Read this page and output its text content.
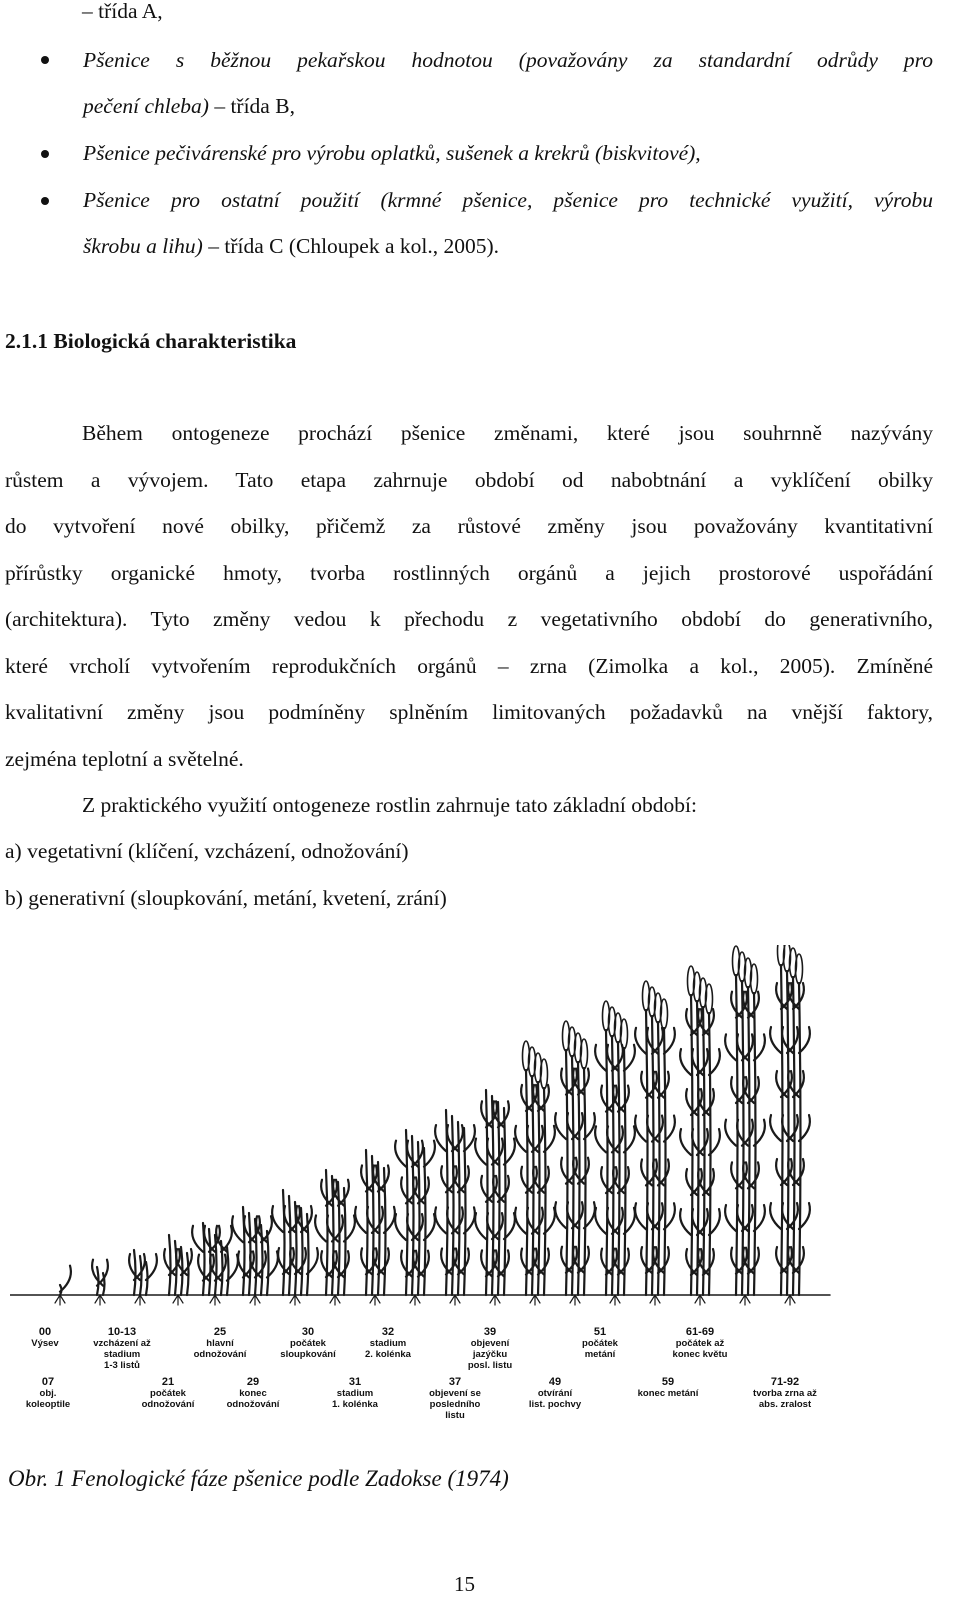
– třída A,
Pšenice s běžnou pekařskou hodnotou (považovány za standardní odrůdy pro
pečení chleba) – třída B,
Pšenice pečivárenské pro výrobu oplatků, sušenek a krekrů (biskvitové),
Pšenice pro ostatní použití (krmné pšenice, pšenice pro technické využití, výrobu
škrobu a lihu) – třída C (Chloupek a kol., 2005).
2.1.1 Biologická charakteristika
Během ontogeneze prochází pšenice změnami, které jsou souhrnně nazývány
růstem a vývojem. Tato etapa zahrnuje období od nabobtnání a vyklíčení obilky
do vytvoření nové obilky, přičemž za růstové změny jsou považovány kvantitativní
přírůstky organické hmoty, tvorba rostlinných orgánů a jejich prostorové uspořádání
(architektura). Tyto změny vedou k přechodu z vegetativního období do generativního,
které vrcholí vytvořením reprodukčních orgánů – zrna (Zimolka a kol., 2005). Zmíněné
kvalitativní změny jsou podmíněny splněním limitovaných požadavků na vnější faktory,
zejména teplotní a světelné.
Z praktického využití ontogeneze rostlin zahrnuje tato základní období:
a) vegetativní (klíčení, vzcházení, odnožování)
b) generativní (sloupkování, metání, kvetení, zrání)
00
Výsev
10-13
vzcházení až
stadium
1-3 listů
25
hlavní
odnožování
30
počátek
sloupkování
32
stadium
2. kolénka
39
objevení
jazýčku
posl. listu
51
počátek
metání
61-69
počátek až
konec květu
07
obj.
koleoptile
21
počátek
odnožování
29
konec
odnožování
31
stadium
1. kolénka
37
objevení se
posledního
listu
49
otvírání
list. pochvy
59
konec metání
71-92
tvorba zrna až
abs. zralost
Obr. 1 Fenologické fáze pšenice podle Zadokse (1974)
15
